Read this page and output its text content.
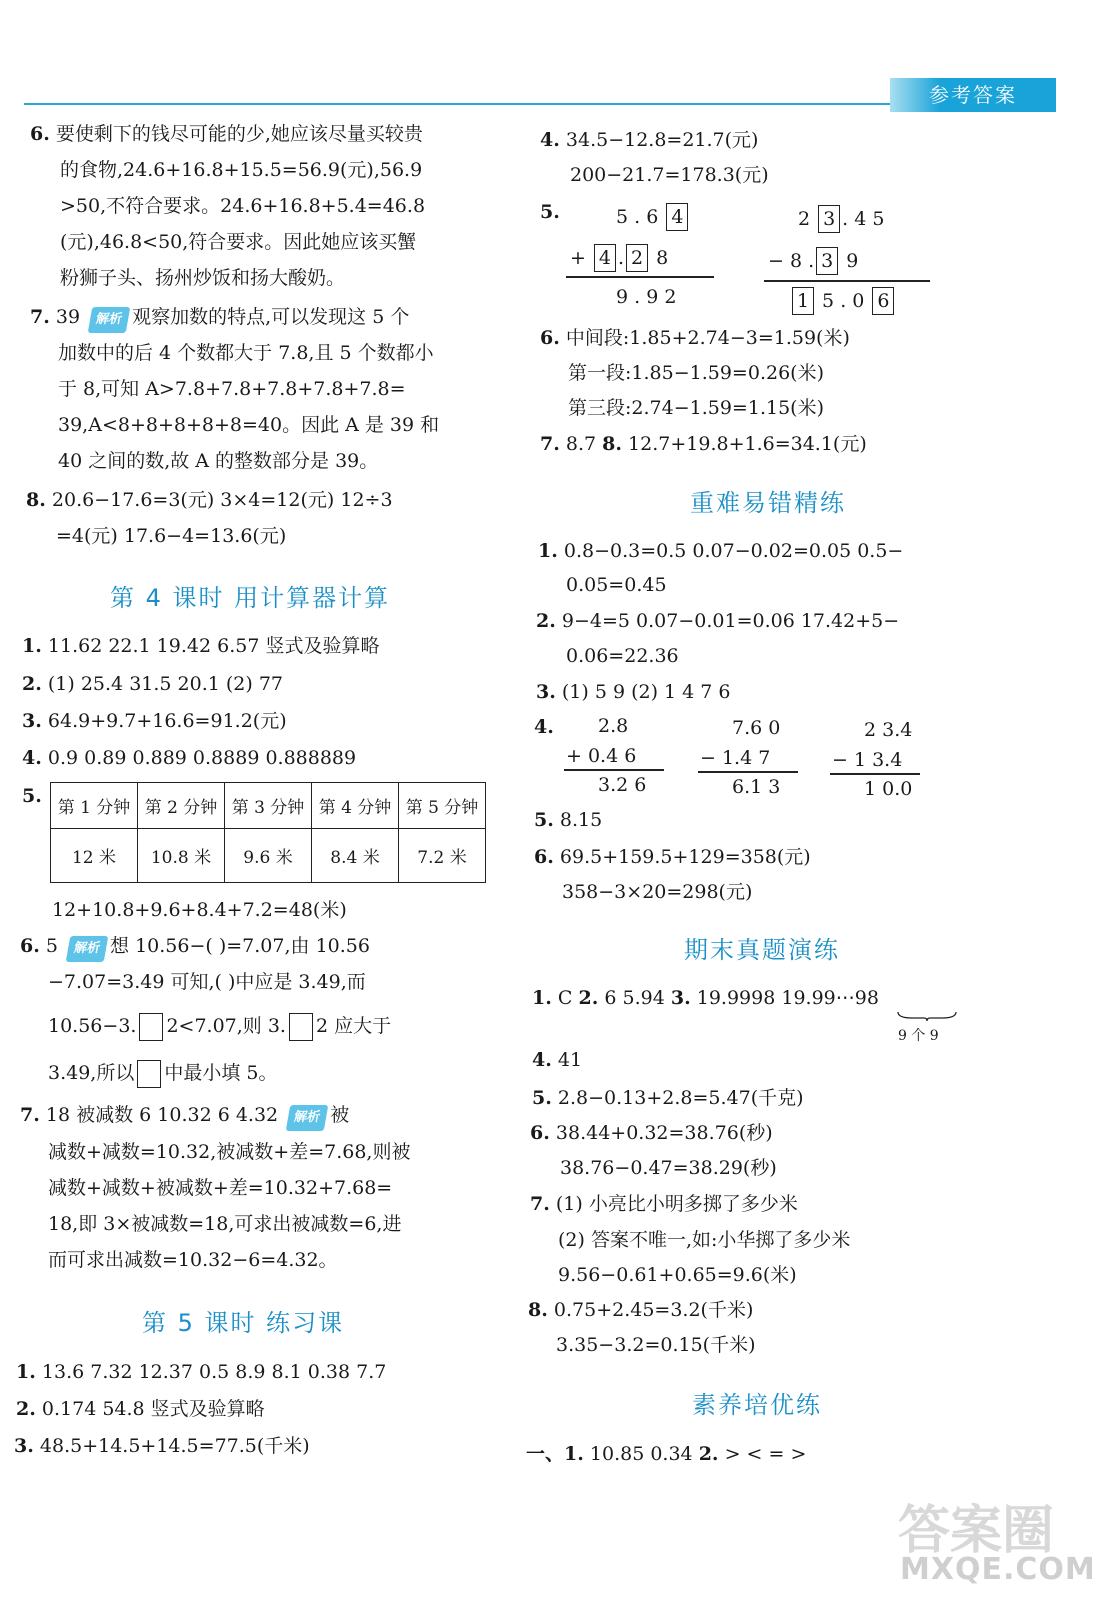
参考答案
6. 要使剩下的钱尽可能的少,她应该尽量买较贵
的食物,24.6+16.8+15.5=56.9(元),56.9
>50,不符合要求。24.6+16.8+5.4=46.8
(元),46.8<50,符合要求。因此她应该买蟹
粉狮子头、扬州炒饭和扬大酸奶。
7. 39 解析 观察加数的特点,可以发现这 5 个
加数中的后 4 个数都大于 7.8,且 5 个数都小
于 8,可知 A>7.8+7.8+7.8+7.8+7.8=
39,A<8+8+8+8+8=40。因此 A 是 39 和
40 之间的数,故 A 的整数部分是 39。
8. 20.6−17.6=3(元) 3×4=12(元) 12÷3
=4(元) 17.6−4=13.6(元)
第 4 课时 用计算器计算
1. 11.62 22.1 19.42 6.57 竖式及验算略
2. (1) 25.4 31.5 20.1 (2) 77
3. 64.9+9.7+16.6=91.2(元)
4. 0.9 0.89 0.889 0.8889 0.888889
5.
第 1 分钟	第 2 分钟	第 3 分钟	第 4 分钟	第 5 分钟
12 米	10.8 米	9.6 米	8.4 米	7.2 米
12+10.8+9.6+8.4+7.2=48(米)
6. 5 解析 想 10.56−( )=7.07,由 10.56
−7.07=3.49 可知,( )中应是 3.49,而
10.56−3. 2<7.07,则 3. 2 应大于
3.49,所以 中最小填 5。
7. 18 被减数 6 10.32 6 4.32 解析 被
减数+减数=10.32,被减数+差=7.68,则被
减数+减数+被减数+差=10.32+7.68=
18,即 3×被减数=18,可求出被减数=6,进
而可求出减数=10.32−6=4.32。
第 5 课时 练习课
1. 13.6 7.32 12.37 0.5 8.9 8.1 0.38 7.7
2. 0.174 54.8 竖式及验算略
3. 48.5+14.5+14.5=77.5(千米)
4. 34.5−12.8=21.7(元)
200−21.7=178.3(元)
5.	5 . 6 4
+ 4 . 2 8
9 . 9 2
2 3 . 4 5
− 8 . 3 9
1 5 . 0 6
6. 中间段:1.85+2.74−3=1.59(米)
第一段:1.85−1.59=0.26(米)
第三段:2.74−1.59=1.15(米)
7. 8.7 8. 12.7+19.8+1.6=34.1(元)
重难易错精练
1. 0.8−0.3=0.5 0.07−0.02=0.05 0.5−
0.05=0.45
2. 9−4=5 0.07−0.01=0.06 17.42+5−
0.06=22.36
3. (1) 5 9 (2) 1 4 7 6
4. 2.8
+ 0.4 6
3.2 6
7.6 0
− 1.4 7
6.1 3
2 3.4
− 1 3.4
1 0.0
5. 8.15
6. 69.5+159.5+129=358(元)
358−3×20=298(元)
期末真题演练
1. C 2. 6 5.94 3. 19.9998 19.99⋯98
9 个 9
4. 41
5. 2.8−0.13+2.8=5.47(千克)
6. 38.44+0.32=38.76(秒)
38.76−0.47=38.29(秒)
7. (1) 小亮比小明多掷了多少米
(2) 答案不唯一,如:小华掷了多少米
9.56−0.61+0.65=9.6(米)
8. 0.75+2.45=3.2(千米)
3.35−3.2=0.15(千米)
素养培优练
一、1. 10.85 0.34 2. > < = >
答案圈
MXQE.COM
